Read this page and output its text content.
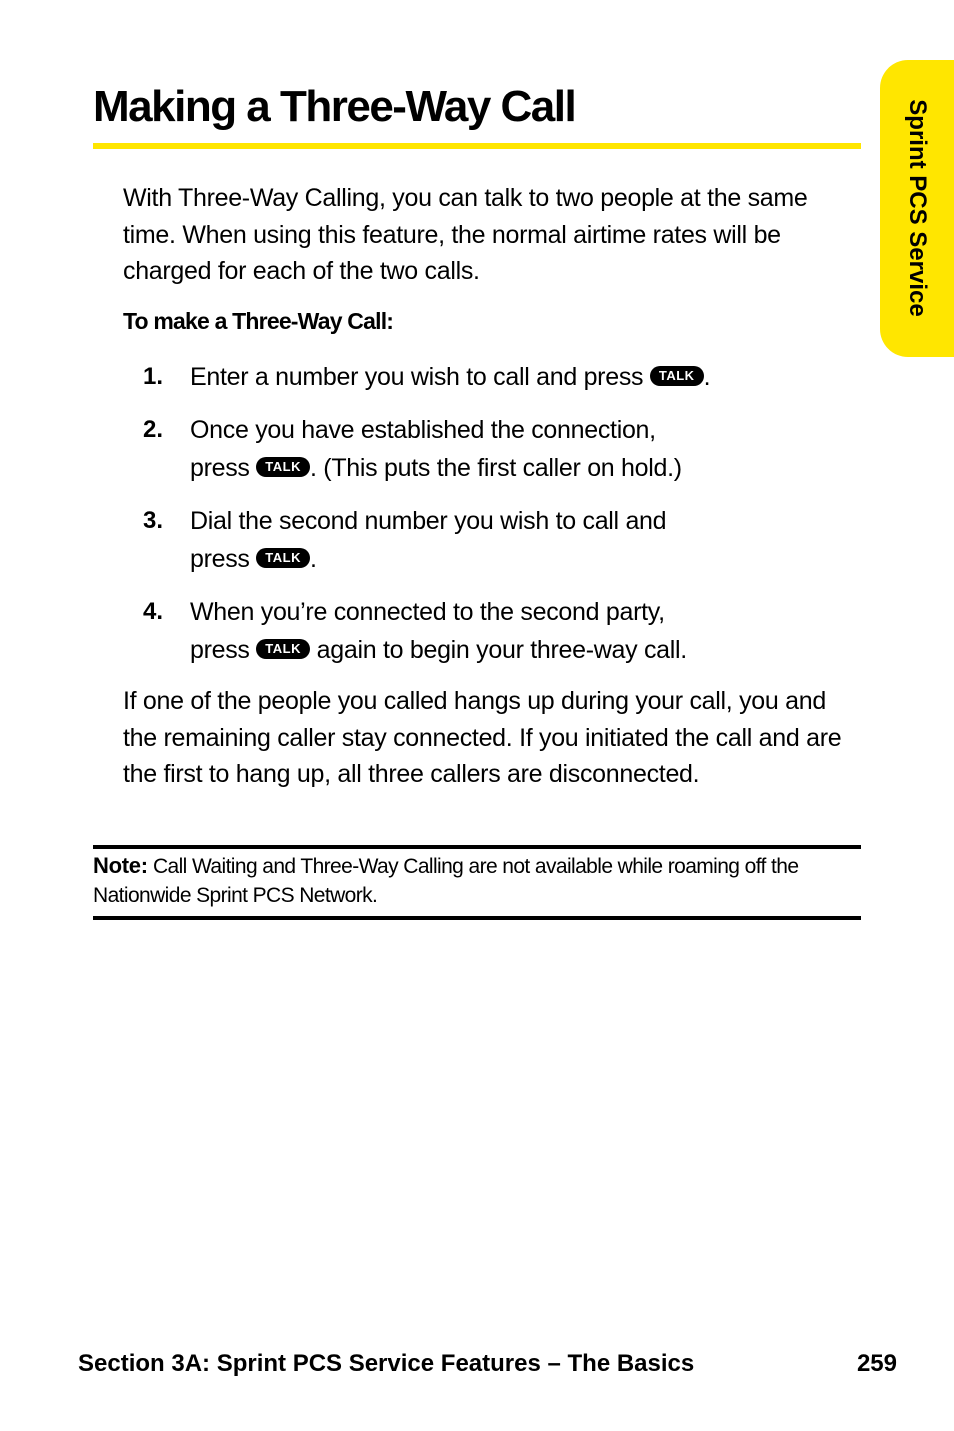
Making a Three-Way Call	Sprint PCS Service

With Three-Way Calling, you can talk to two people at the same time. When using this feature, the normal airtime rates will be charged for each of the two calls.

To make a Three-Way Call:

1. Enter a number you wish to call and press TALK .
2. Once you have established the connection,
press TALK . (This puts the first caller on hold.)
3. Dial the second number you wish to call and
press TALK .
4. When you’re connected to the second party,
press TALK again to begin your three-way call.

If one of the people you called hangs up during your call, you and the remaining caller stay connected. If you initiated the call and are the first to hang up, all three callers are disconnected.

Note: Call Waiting and Three-Way Calling are not available while roaming off the Nationwide Sprint PCS Network.

Section 3A: Sprint PCS Service Features – The Basics	259
